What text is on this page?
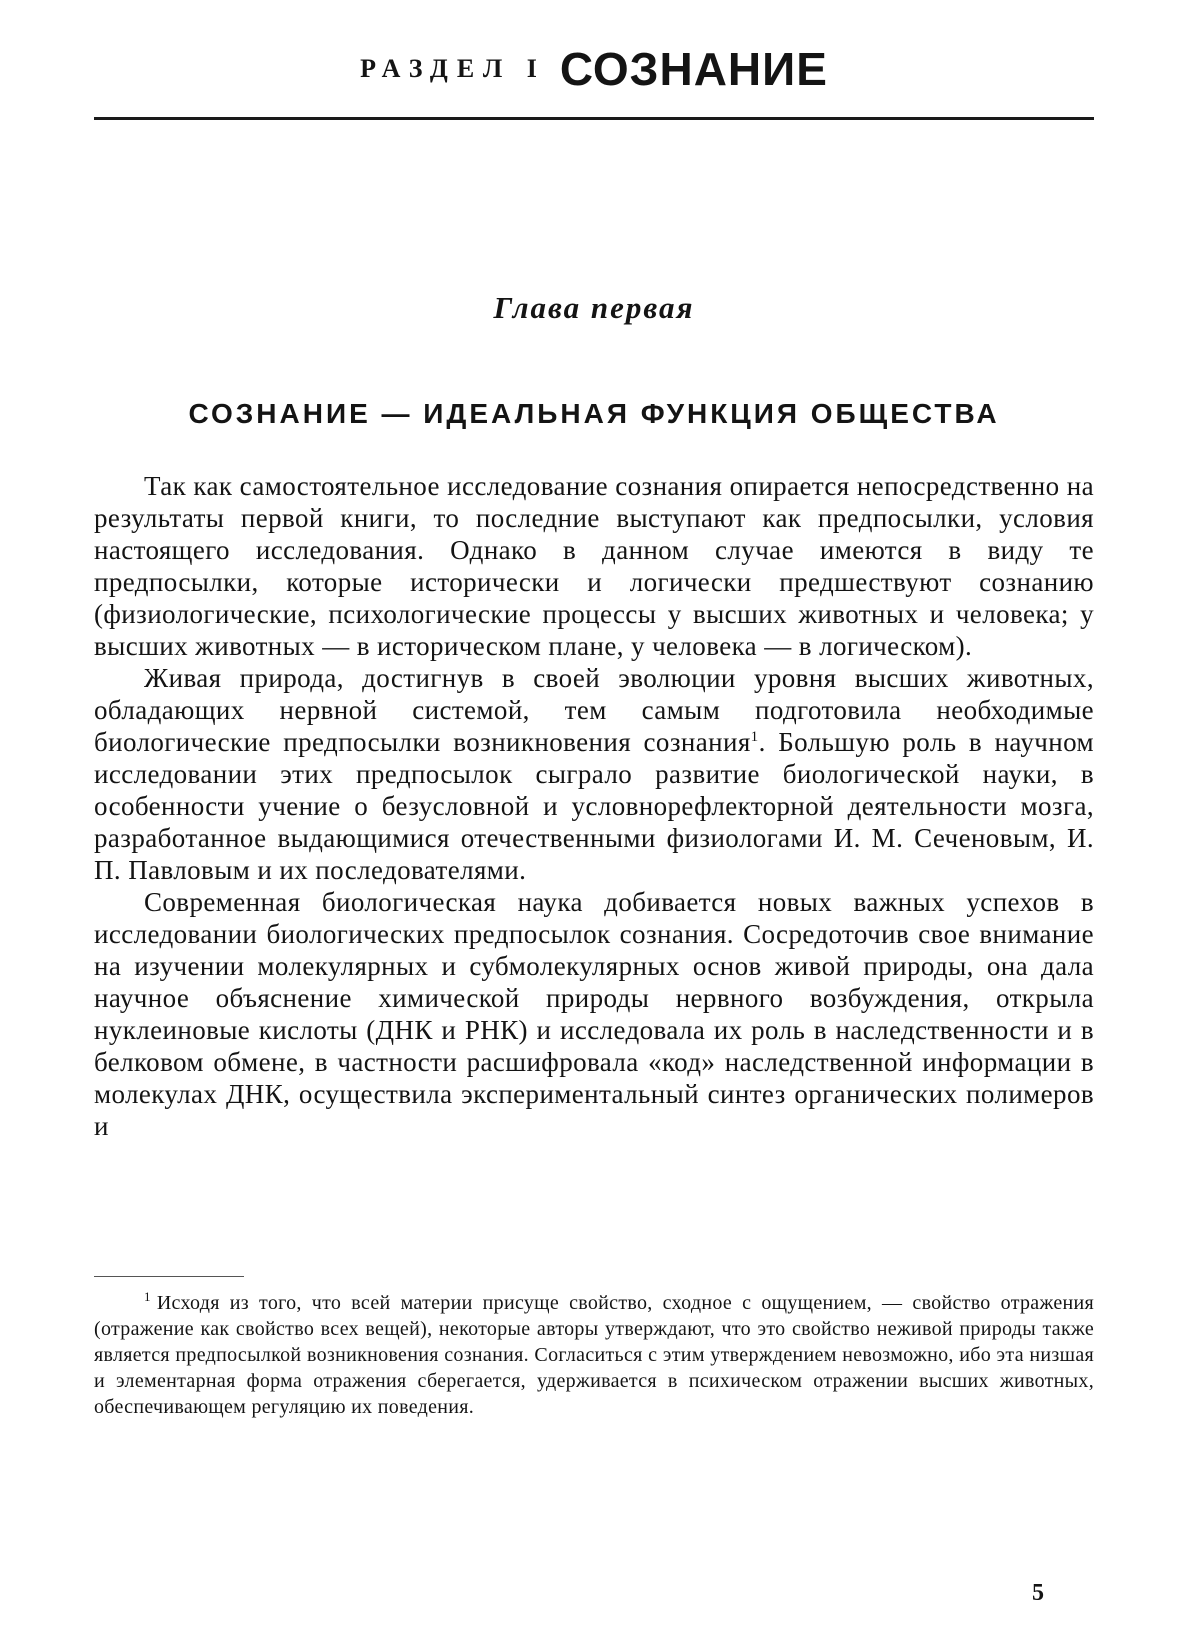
РАЗДЕЛ I СОЗНАНИЕ
Глава первая
СОЗНАНИЕ — ИДЕАЛЬНАЯ ФУНКЦИЯ ОБЩЕСТВА

Так как самостоятельное исследование сознания опирается непосредственно на результаты первой книги, то последние выступают как предпосылки, условия настоящего исследования. Однако в данном случае имеются в виду те предпосылки, которые исторически и логически предшествуют сознанию (физиологические, психологические процессы у высших животных и человека; у высших животных — в историческом плане, у человека — в логическом).

Живая природа, достигнув в своей эволюции уровня высших животных, обладающих нервной системой, тем самым подготовила необходимые биологические предпосылки возникновения сознания$^1$. Большую роль в научном исследовании этих предпосылок сыграло развитие биологической науки, в особенности учение о безусловной и условнорефлекторной деятельности мозга, разработанное выдающимися отечественными физиологами И. М. Сеченовым, И. П. Павловым и их последователями.

Современная биологическая наука добивается новых важных успехов в исследовании биологических предпосылок сознания. Сосредоточив свое внимание на изучении молекулярных и субмолекулярных основ живой природы, она дала научное объяснение химической природы нервного возбуждения, открыла нуклеиновые кислоты (ДНК и РНК) и исследовала их роль в наследственности и в белковом обмене, в частности расшифровала «код» наследственной информации в молекулах ДНК, осуществила экспериментальный синтез органических полимеров и

$^1$ Исходя из того, что всей материи присуще свойство, сходное с ощущением, — свойство отражения (отражение как свойство всех вещей), некоторые авторы утверждают, что это свойство неживой природы также является предпосылкой возникновения сознания. Согласиться с этим утверждением невозможно, ибо эта низшая и элементарная форма отражения сберегается, удерживается в психическом отражении высших животных, обеспечивающем регуляцию их поведения.
5
